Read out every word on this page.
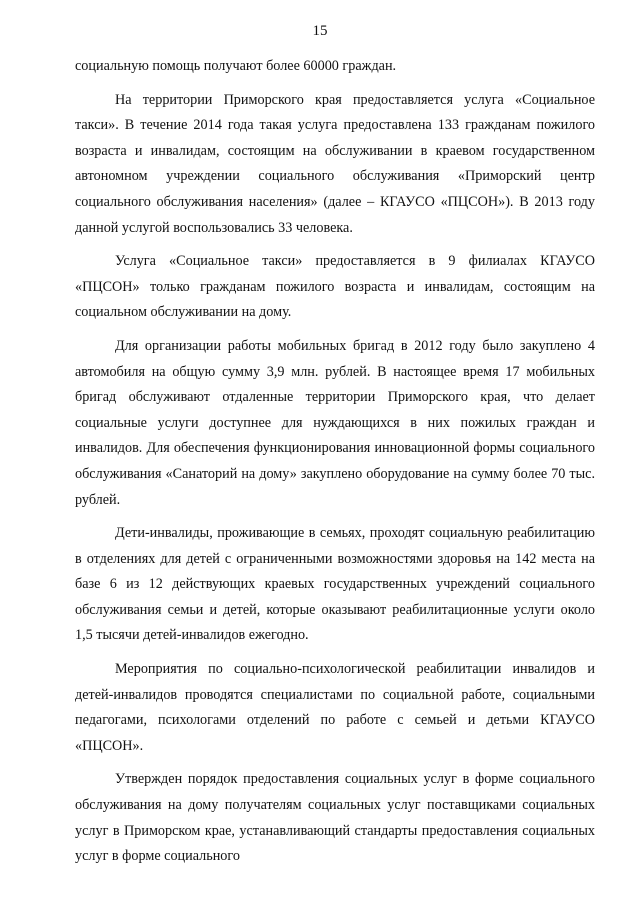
15

социальную помощь получают более 60000 граждан.

На территории Приморского края предоставляется услуга «Социальное такси». В течение 2014 года такая услуга предоставлена 133 гражданам пожилого возраста и инвалидам, состоящим на обслуживании в краевом государственном автономном учреждении социального обслуживания «Приморский центр социального обслуживания населения» (далее – КГАУСО «ПЦСОН»). В 2013 году данной услугой воспользовались 33 человека.

Услуга «Социальное такси» предоставляется в 9 филиалах КГАУСО «ПЦСОН» только гражданам пожилого возраста и инвалидам, состоящим на социальном обслуживании на дому.

Для организации работы мобильных бригад в 2012 году было закуплено 4 автомобиля на общую сумму 3,9 млн. рублей. В настоящее время 17 мобильных бригад обслуживают отдаленные территории Приморского края, что делает социальные услуги доступнее для нуждающихся в них пожилых граждан и инвалидов. Для обеспечения функционирования инновационной формы социального обслуживания «Санаторий на дому» закуплено оборудование на сумму более 70 тыс. рублей.

Дети-инвалиды, проживающие в семьях, проходят социальную реабилитацию в отделениях для детей с ограниченными возможностями здоровья на 142 места на базе 6 из 12 действующих краевых государственных учреждений социального обслуживания семьи и детей, которые оказывают реабилитационные услуги около 1,5 тысячи детей-инвалидов ежегодно.

Мероприятия по социально-психологической реабилитации инвалидов и детей-инвалидов проводятся специалистами по социальной работе, социальными педагогами, психологами отделений по работе с семьей и детьми КГАУСО «ПЦСОН».

Утвержден порядок предоставления социальных услуг в форме социального обслуживания на дому получателям социальных услуг поставщиками социальных услуг в Приморском крае, устанавливающий стандарты предоставления социальных услуг в форме социального
